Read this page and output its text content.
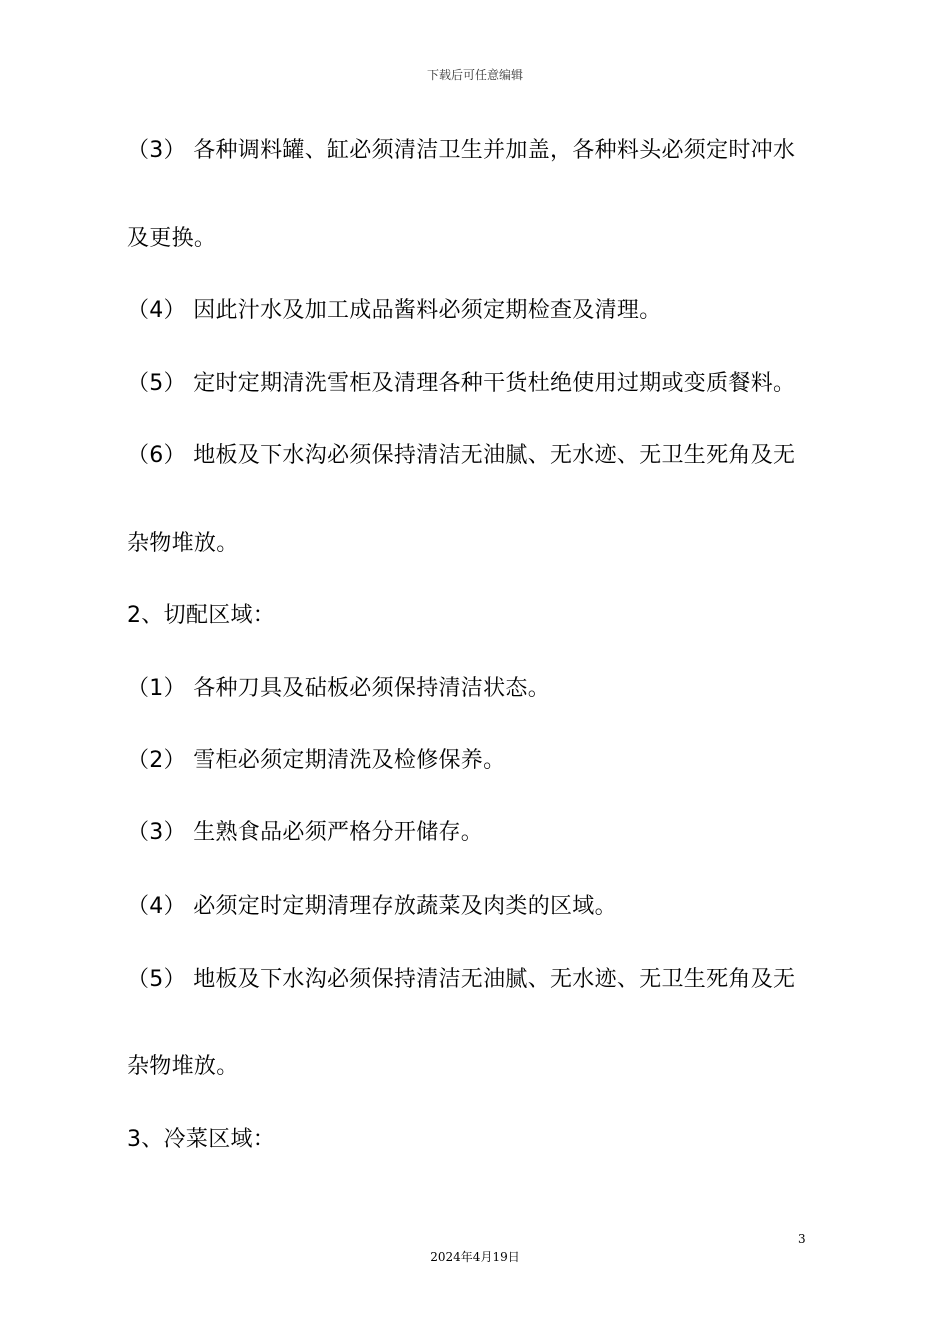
下载后可任意编辑
（3） 各种调料罐、缸必须清洁卫生并加盖，各种料头必须定时冲水
及更换。
（4） 因此汁水及加工成品酱料必须定期检查及清理。
（5） 定时定期清洗雪柜及清理各种干货杜绝使用过期或变质餐料。
（6） 地板及下水沟必须保持清洁无油腻、无水迹、无卫生死角及无
杂物堆放。
2、切配区域：
（1） 各种刀具及砧板必须保持清洁状态。
（2） 雪柜必须定期清洗及检修保养。
（3） 生熟食品必须严格分开储存。
（4） 必须定时定期清理存放蔬菜及肉类的区域。
（5） 地板及下水沟必须保持清洁无油腻、无水迹、无卫生死角及无
杂物堆放。
3、冷菜区域：
3
2024年4月19日
